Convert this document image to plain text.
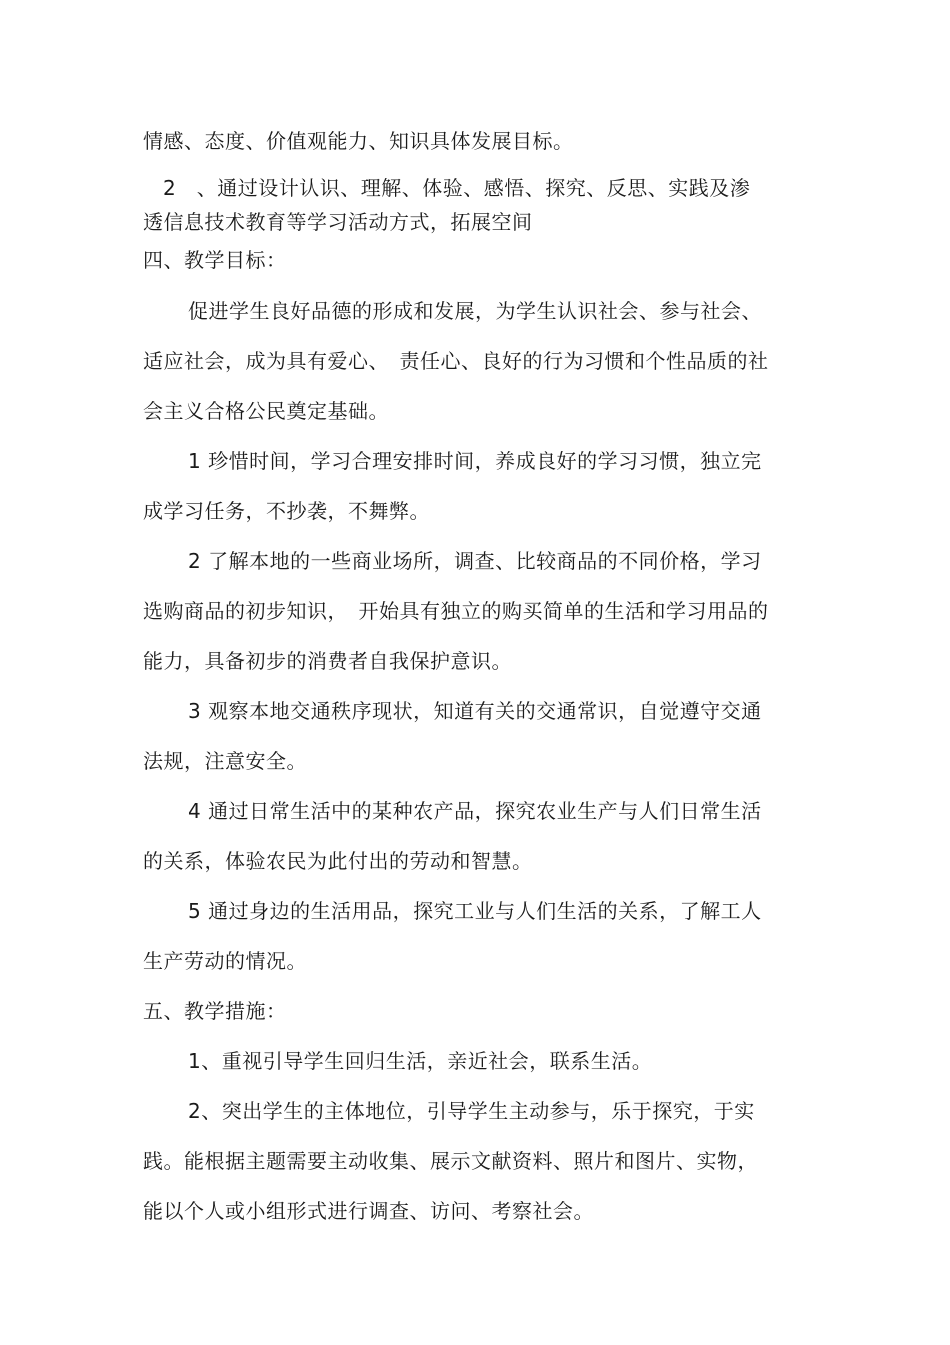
情感、态度、价值观能力、知识具体发展目标。
2　、通过设计认识、理解、体验、感悟、探究、反思、实践及渗
透信息技术教育等学习活动方式，拓展空间
四、教学目标：
促进学生良好品德的形成和发展，为学生认识社会、参与社会、
适应社会，成为具有爱心、　责任心、良好的行为习惯和个性品质的社
会主义合格公民奠定基础。
1 珍惜时间，学习合理安排时间，养成良好的学习习惯，独立完
成学习任务，不抄袭，不舞弊。
2 了解本地的一些商业场所，调查、比较商品的不同价格，学习
选购商品的初步知识，　开始具有独立的购买简单的生活和学习用品的
能力，具备初步的消费者自我保护意识。
3 观察本地交通秩序现状，知道有关的交通常识，自觉遵守交通
法规，注意安全。
4 通过日常生活中的某种农产品，探究农业生产与人们日常生活
的关系，体验农民为此付出的劳动和智慧。
5 通过身边的生活用品，探究工业与人们生活的关系，了解工人
生产劳动的情况。
五、教学措施：
1、重视引导学生回归生活，亲近社会，联系生活。
2、突出学生的主体地位，引导学生主动参与，乐于探究，于实
践。能根据主题需要主动收集、展示文献资料、照片和图片、实物，
能以个人或小组形式进行调查、访问、考察社会。
